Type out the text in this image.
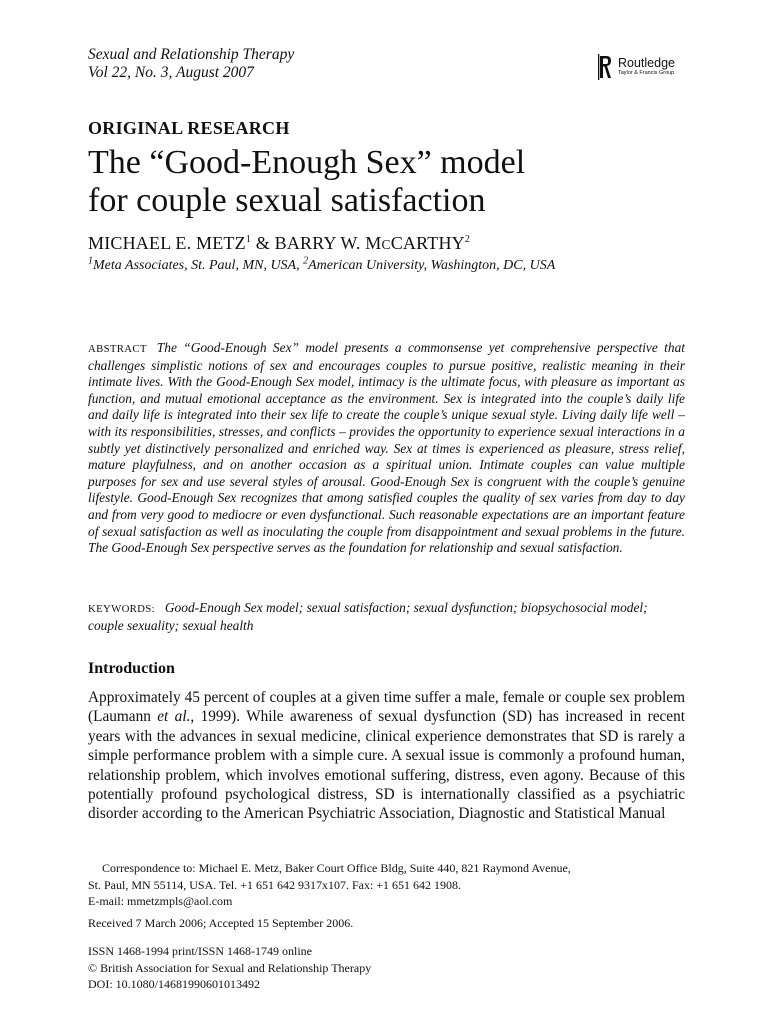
Sexual and Relationship Therapy
Vol 22, No. 3, August 2007
Routledge
Taylor & Francis Group
ORIGINAL RESEARCH
The “Good-Enough Sex” model
for couple sexual satisfaction
MICHAEL E. METZ$^1$ & BARRY W. MCCARTHY$^2$
$^1$Meta Associates, St. Paul, MN, USA, $^2$American University, Washington, DC, USA
ABSTRACT The “Good-Enough Sex” model presents a commonsense yet comprehensive perspective that challenges simplistic notions of sex and encourages couples to pursue positive, realistic meaning in their intimate lives. With the Good-Enough Sex model, intimacy is the ultimate focus, with pleasure as important as function, and mutual emotional acceptance as the environment. Sex is integrated into the couple’s daily life and daily life is integrated into their sex life to create the couple’s unique sexual style. Living daily life well – with its responsibilities, stresses, and conflicts – provides the opportunity to experience sexual interactions in a subtly yet distinctively personalized and enriched way. Sex at times is experienced as pleasure, stress relief, mature playfulness, and on another occasion as a spiritual union. Intimate couples can value multiple purposes for sex and use several styles of arousal. Good-Enough Sex is congruent with the couple’s genuine lifestyle. Good-Enough Sex recognizes that among satisfied couples the quality of sex varies from day to day and from very good to mediocre or even dysfunctional. Such reasonable expectations are an important feature of sexual satisfaction as well as inoculating the couple from disappointment and sexual problems in the future. The Good-Enough Sex perspective serves as the foundation for relationship and sexual satisfaction.
KEYWORDS: Good-Enough Sex model; sexual satisfaction; sexual dysfunction; biopsychosocial model; couple sexuality; sexual health
Introduction

Approximately 45 percent of couples at a given time suffer a male, female or couple sex problem (Laumann et al., 1999). While awareness of sexual dysfunction (SD) has increased in recent years with the advances in sexual medicine, clinical experience demonstrates that SD is rarely a simple performance problem with a simple cure. A sexual issue is commonly a profound human, relationship problem, which involves emotional suffering, distress, even agony. Because of this potentially profound psychological distress, SD is internationally classified as a psychiatric disorder according to the American Psychiatric Association, Diagnostic and Statistical Manual

Correspondence to: Michael E. Metz, Baker Court Office Bldg, Suite 440, 821 Raymond Avenue,
St. Paul, MN 55114, USA. Tel. +1 651 642 9317x107. Fax: +1 651 642 1908.
E-mail: mmetzmpls@aol.com
Received 7 March 2006; Accepted 15 September 2006.
ISSN 1468-1994 print/ISSN 1468-1749 online
© British Association for Sexual and Relationship Therapy
DOI: 10.1080/14681990601013492
